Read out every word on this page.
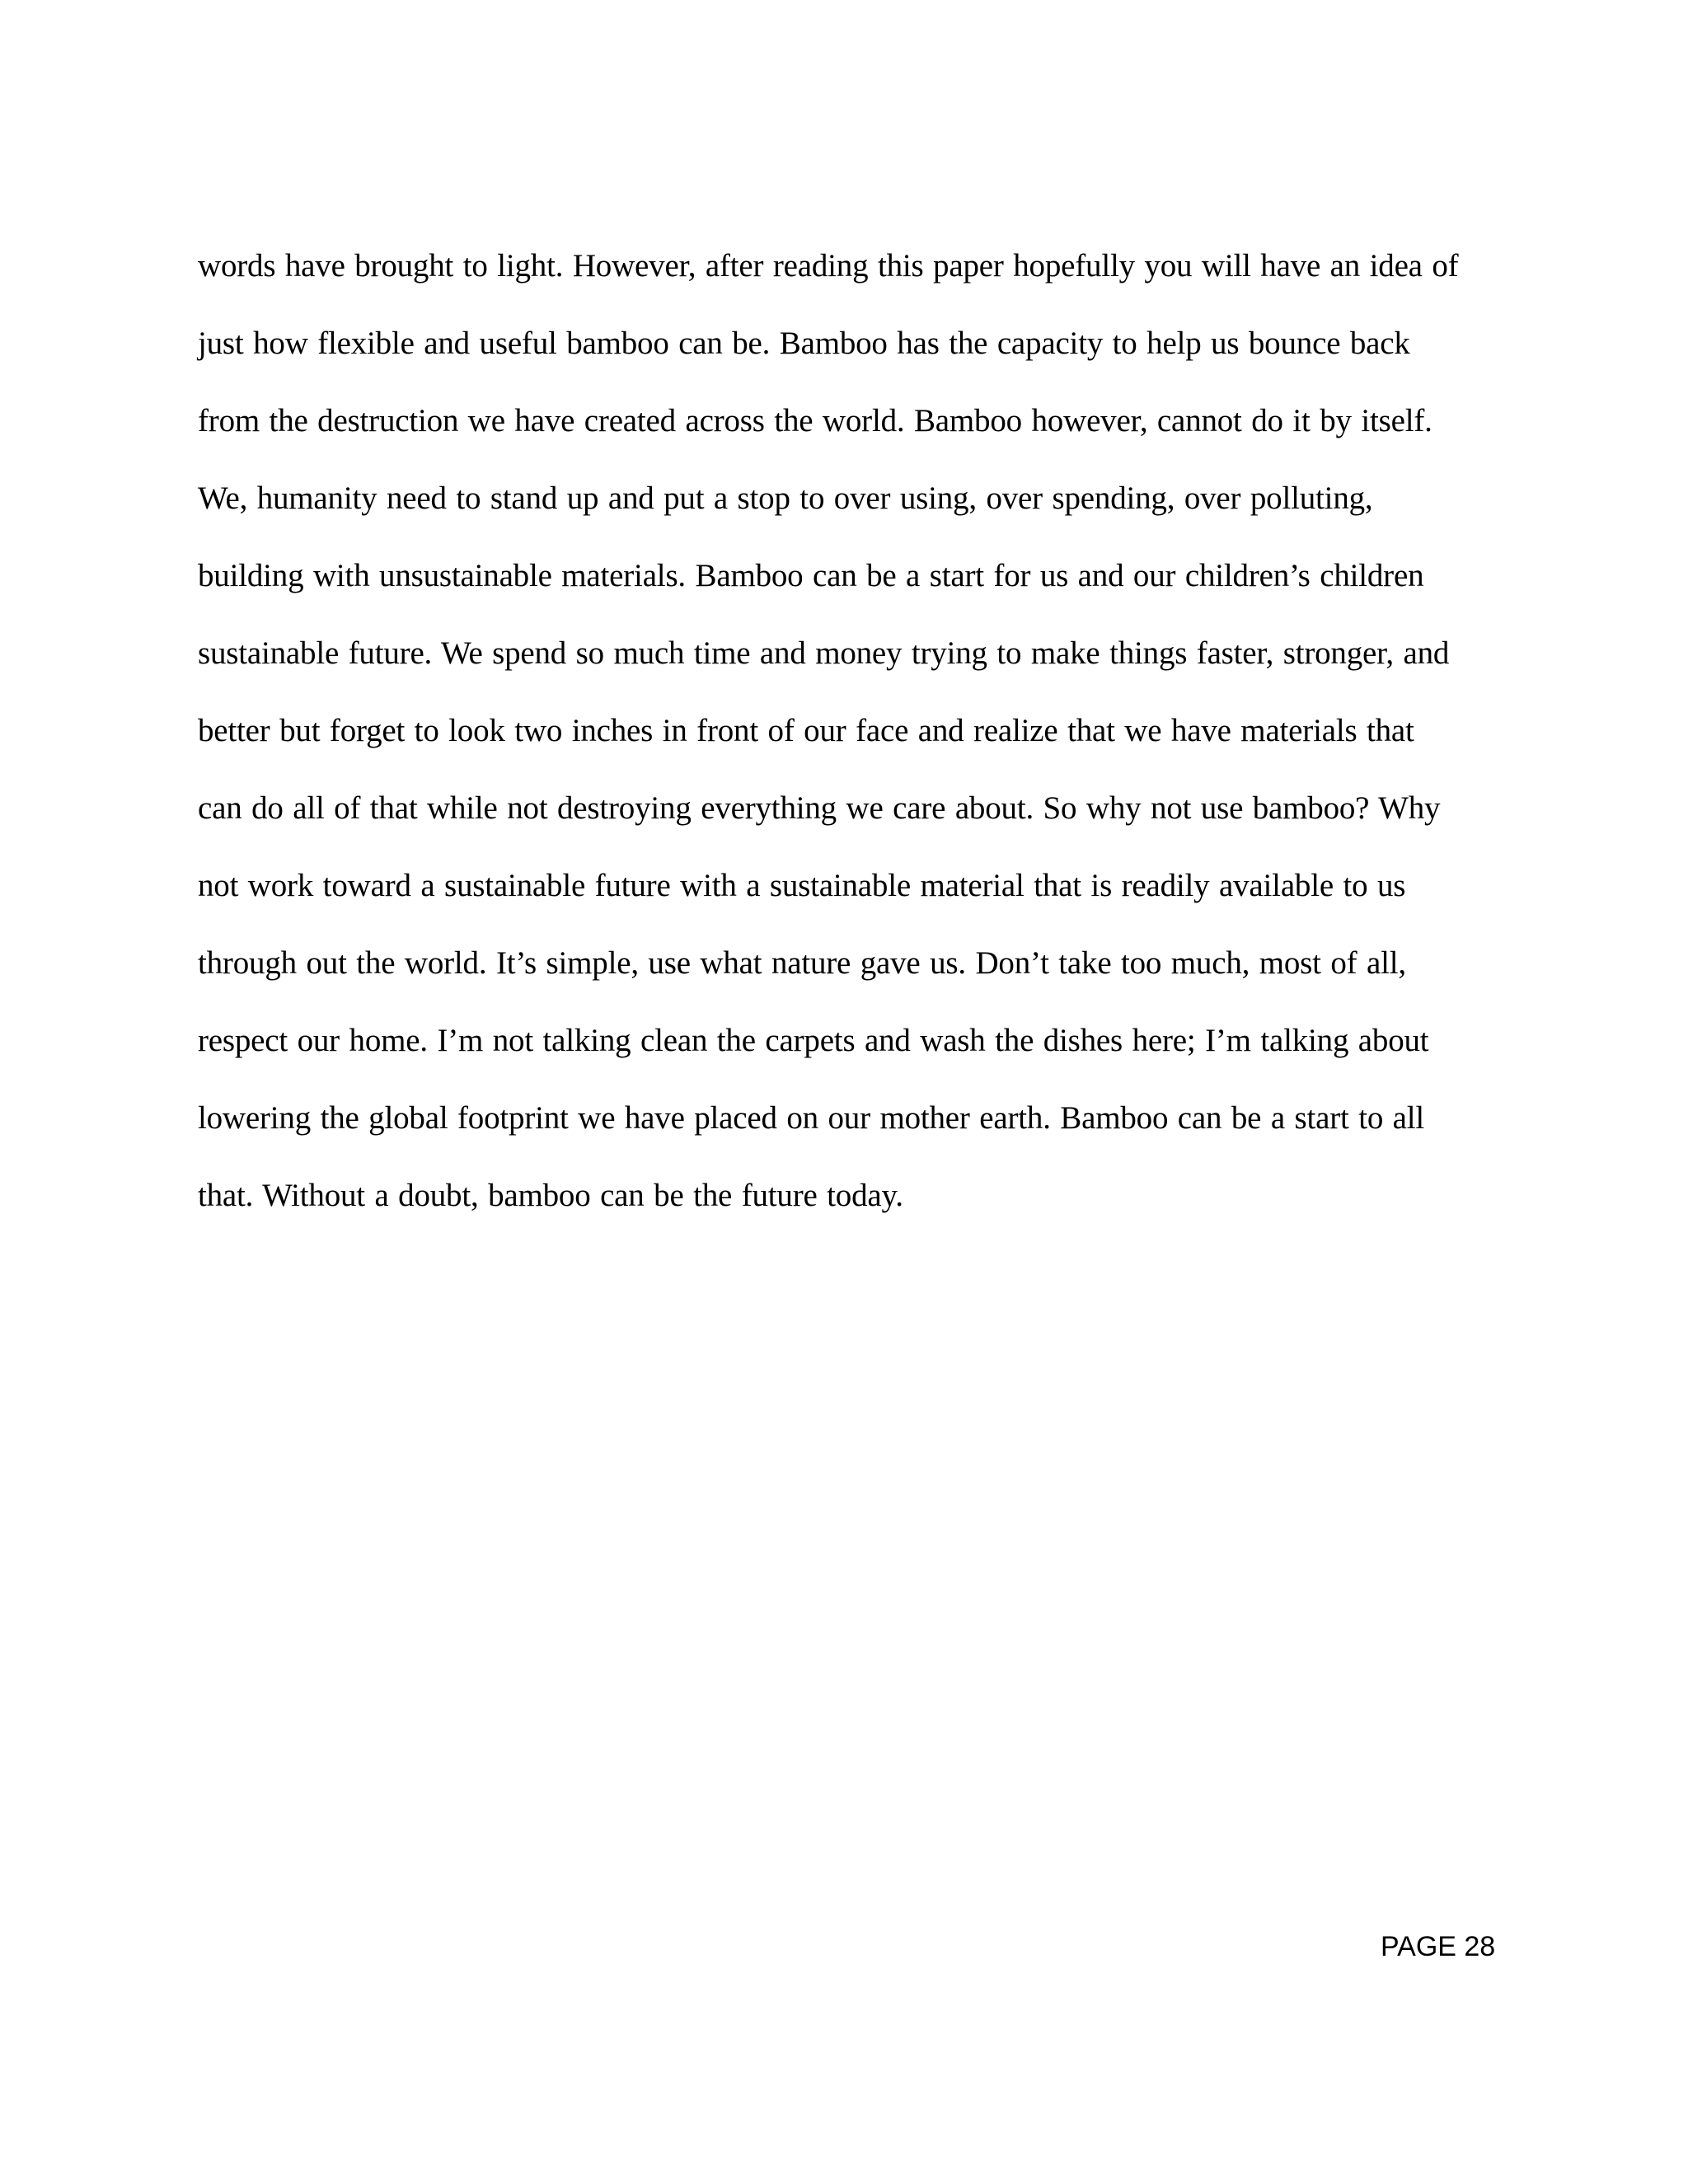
words have brought to light. However, after reading this paper hopefully you will have an idea of
just how flexible and useful bamboo can be. Bamboo has the capacity to help us bounce back
from the destruction we have created across the world. Bamboo however, cannot do it by itself.
We, humanity need to stand up and put a stop to over using, over spending, over polluting,
building with unsustainable materials. Bamboo can be a start for us and our children’s children
sustainable future. We spend so much time and money trying to make things faster, stronger, and
better but forget to look two inches in front of our face and realize that we have materials that
can do all of that while not destroying everything we care about. So why not use bamboo? Why
not work toward a sustainable future with a sustainable material that is readily available to us
through out the world. It’s simple, use what nature gave us. Don’t take too much, most of all,
respect our home. I’m not talking clean the carpets and wash the dishes here; I’m talking about
lowering the global footprint we have placed on our mother earth. Bamboo can be a start to all
that. Without a doubt, bamboo can be the future today.

PAGE 28
